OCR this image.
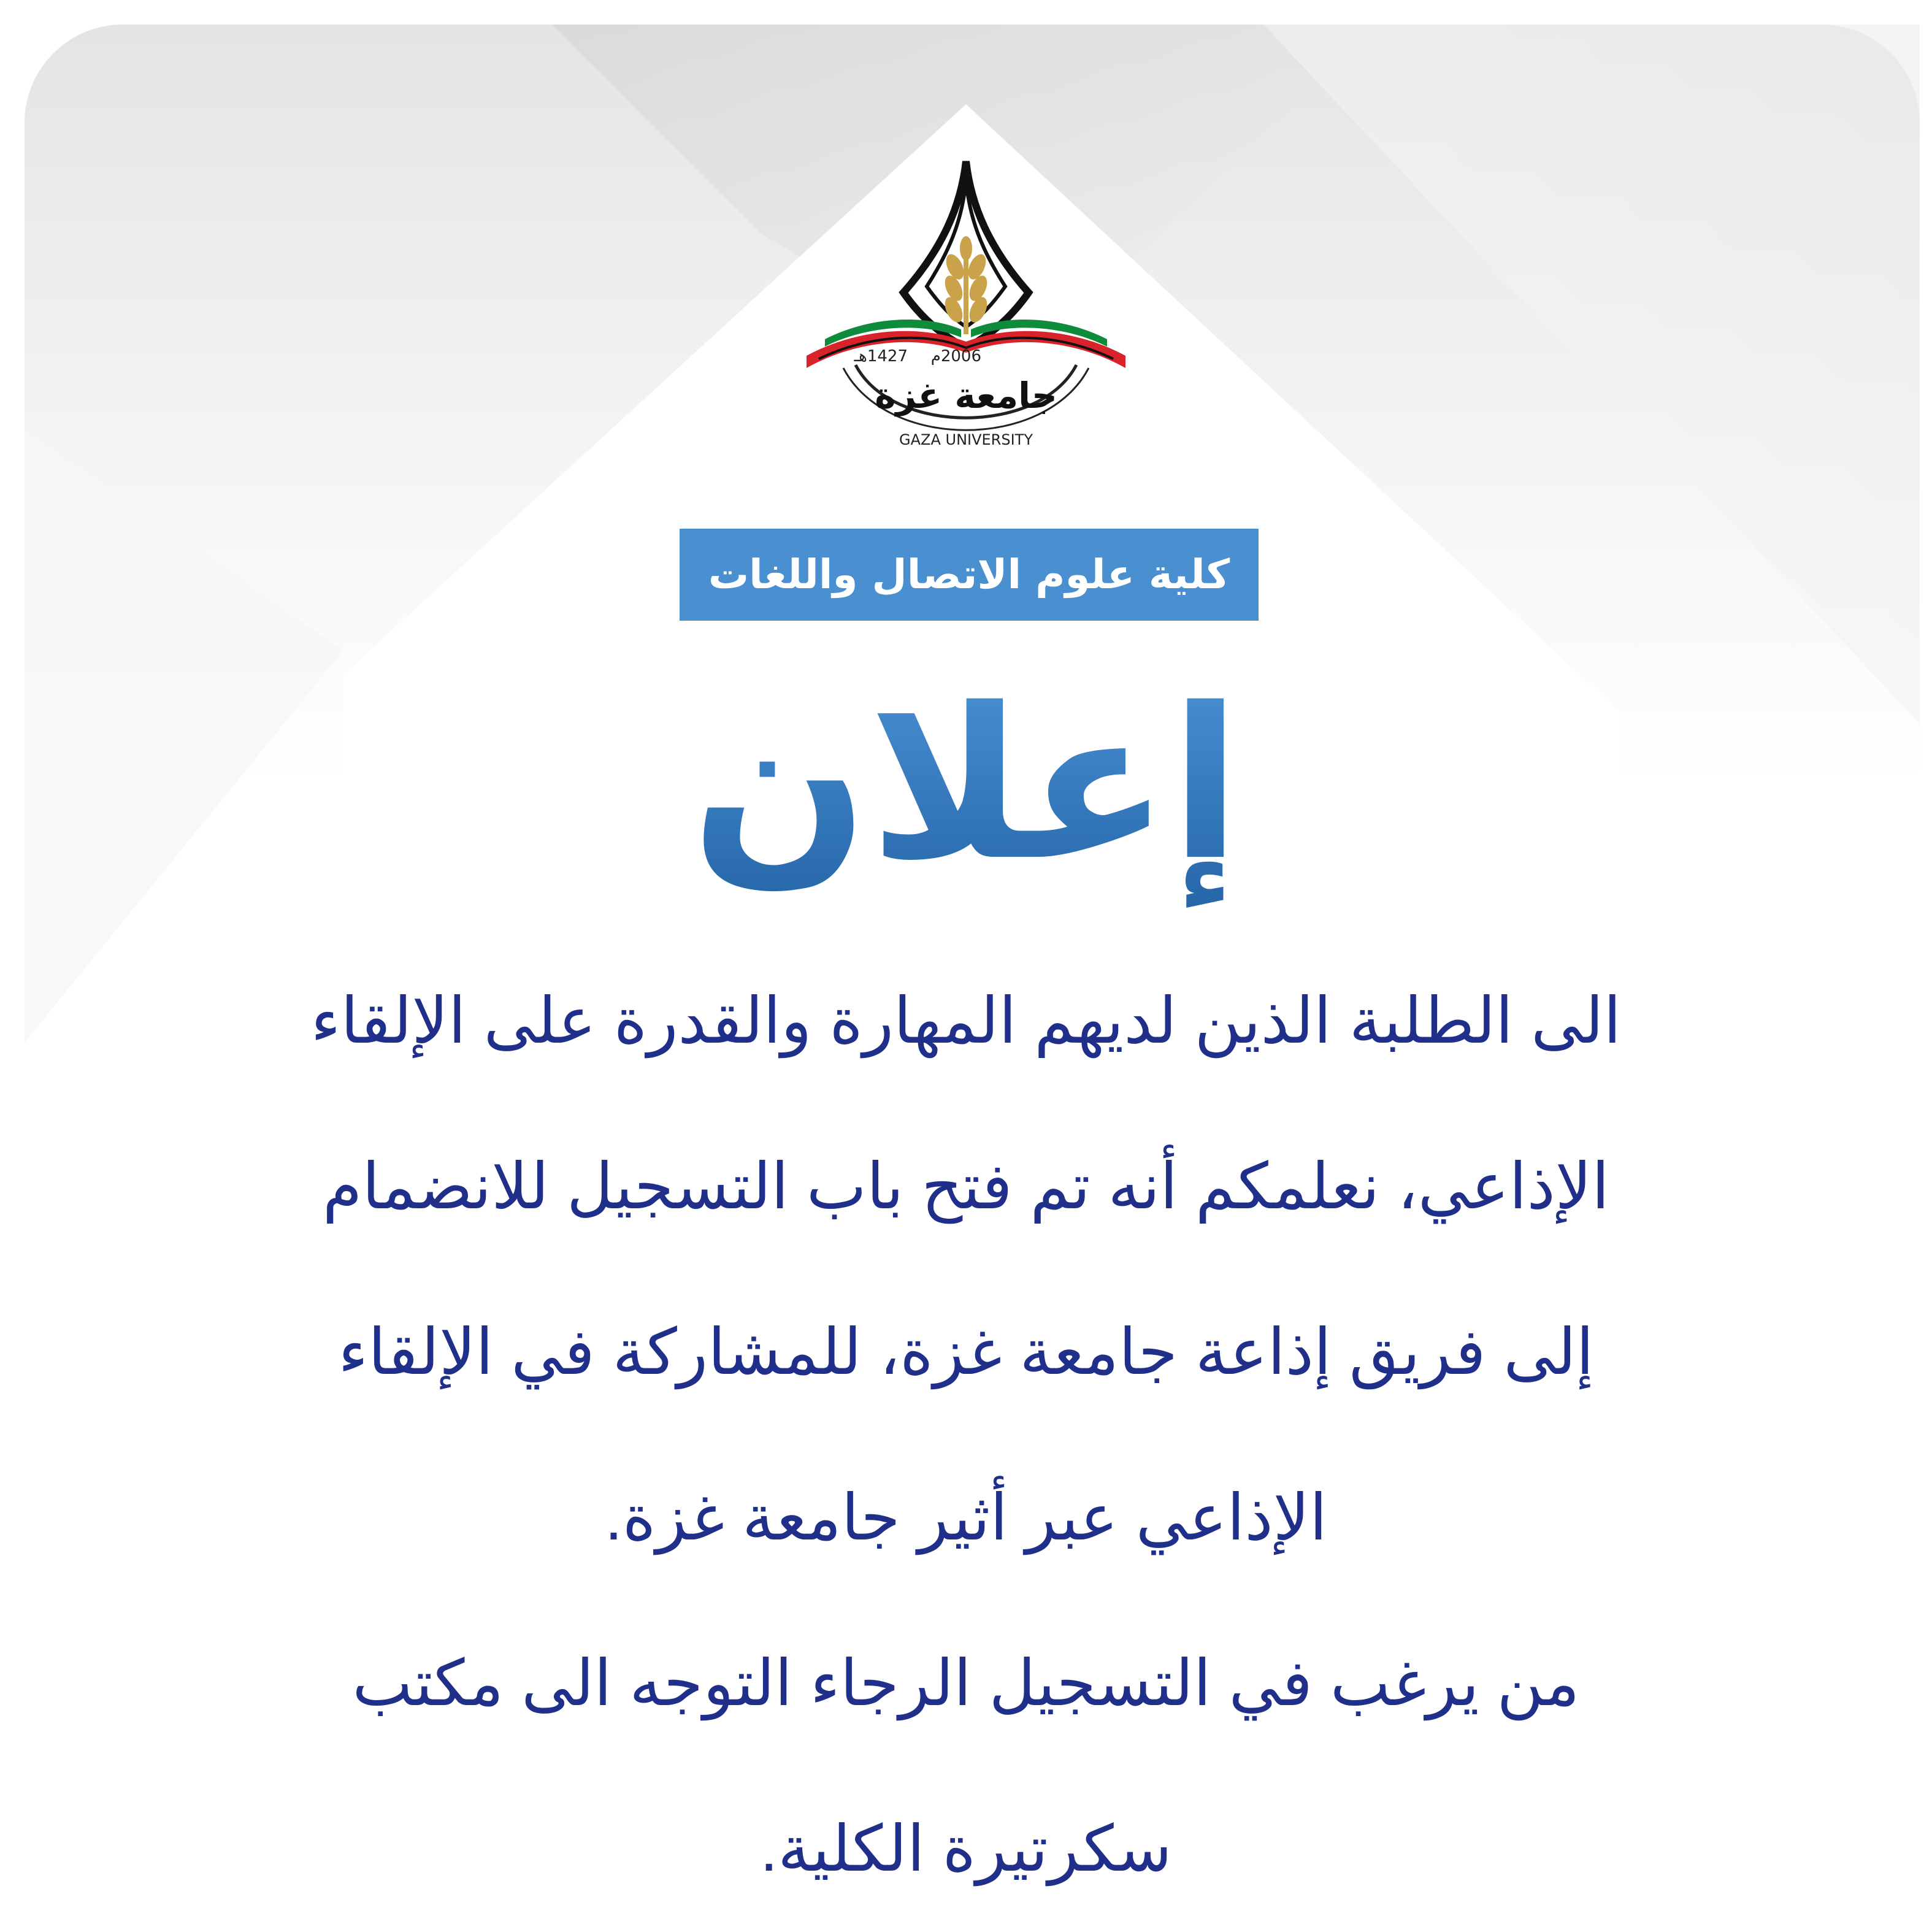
1427هـ 2006م
جامعة غزة
GAZA UNIVERSITY
كلية علوم الاتصال واللغات
إعلان
الى الطلبة الذين لديهم المهارة والقدرة على الإلقاء
الإذاعي، نعلمكم أنه تم فتح باب التسجيل للانضمام
إلى فريق إذاعة جامعة غزة، للمشاركة في الإلقاء
الإذاعي عبر أثير جامعة غزة.
من يرغب في التسجيل الرجاء التوجه الى مكتب
سكرتيرة الكلية.
